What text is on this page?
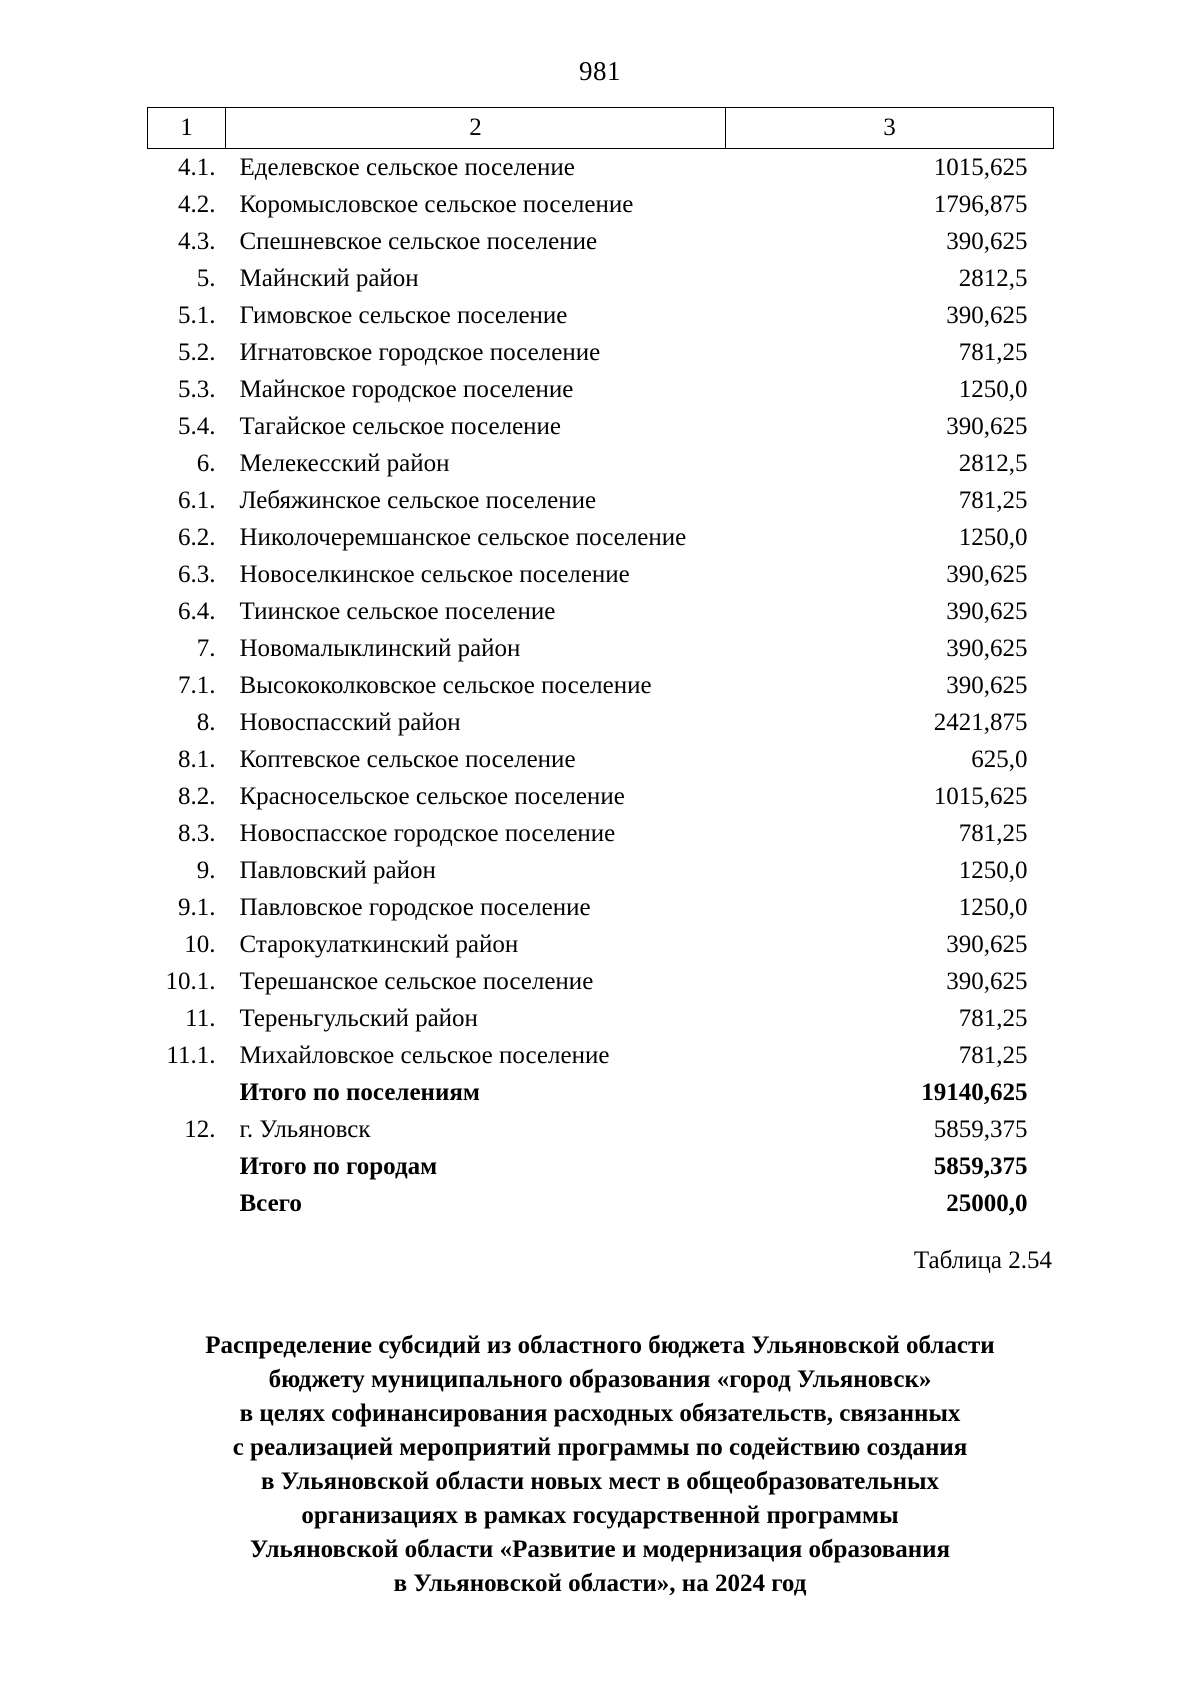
981
1	2	3
4.1.	Еделевское сельское поселение	1015,625
4.2.	Коромысловское сельское поселение	1796,875
4.3.	Спешневское сельское поселение	390,625
5.	Майнский район	2812,5
5.1.	Гимовское сельское поселение	390,625
5.2.	Игнатовское городское поселение	781,25
5.3.	Майнское городское поселение	1250,0
5.4.	Тагайское сельское поселение	390,625
6.	Мелекесский район	2812,5
6.1.	Лебяжинское сельское поселение	781,25
6.2.	Николочеремшанское сельское поселение	1250,0
6.3.	Новоселкинское сельское поселение	390,625
6.4.	Тиинское сельское поселение	390,625
7.	Новомалыклинский район	390,625
7.1.	Высококолковское сельское поселение	390,625
8.	Новоспасский район	2421,875
8.1.	Коптевское сельское поселение	625,0
8.2.	Красносельское сельское поселение	1015,625
8.3.	Новоспасское городское поселение	781,25
9.	Павловский район	1250,0
9.1.	Павловское городское поселение	1250,0
10.	Старокулаткинский район	390,625
10.1.	Терешанское сельское поселение	390,625
11.	Тереньгульский район	781,25
11.1.	Михайловское сельское поселение	781,25
	Итого по поселениям	19140,625
12.	г. Ульяновск	5859,375
	Итого по городам	5859,375
	Всего	25000,0
Таблица 2.54
Распределение субсидий из областного бюджета Ульяновской области
бюджету муниципального образования «город Ульяновск»
в целях софинансирования расходных обязательств, связанных
с реализацией мероприятий программы по содействию создания
в Ульяновской области новых мест в общеобразовательных
организациях в рамках государственной программы
Ульяновской области «Развитие и модернизация образования
в Ульяновской области», на 2024 год
